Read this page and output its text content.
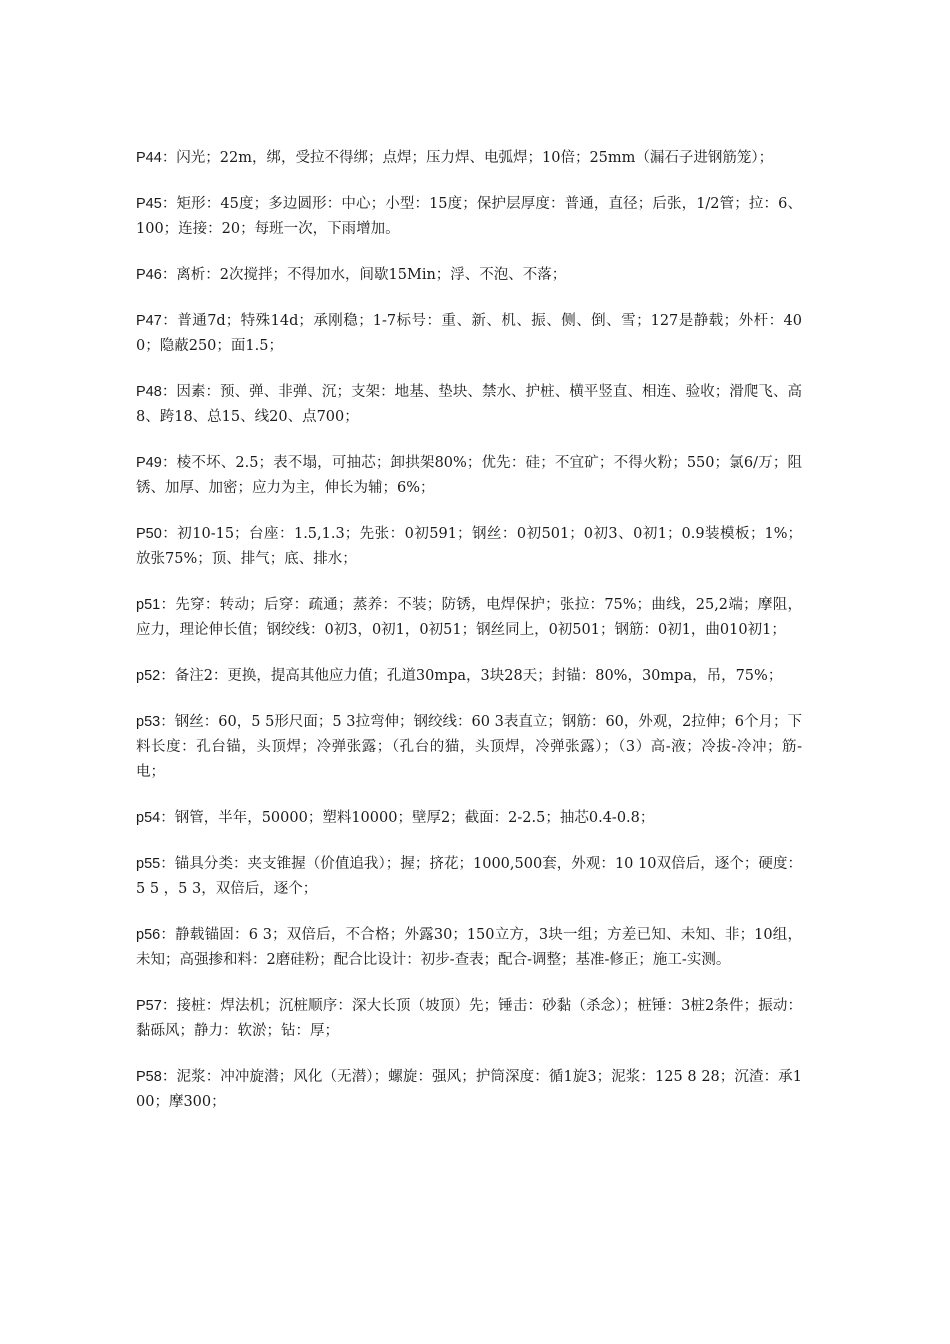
P44：闪光；22m，绑，受拉不得绑；点焊；压力焊、电弧焊；10倍；25mm（漏石子进钢筋笼）；

P45：矩形：45度；多边圆形：中心；小型：15度；保护层厚度：普通，直径；后张，1/2管；拉：6、100；连接：20；每班一次，下雨增加。

P46：离析：2次搅拌；不得加水，间歇15Min；浮、不泡、不落；

P47：普通7d；特殊14d；承刚稳；1-7标号：重、新、机、振、侧、倒、雪；127是静载；外杆：400；隐蔽250；面1.5；

P48：因素：预、弹、非弹、沉；支架：地基、垫块、禁水、护桩、横平竖直、相连、验收；滑爬飞、高8、跨18、总15、线20、点700；

P49：棱不坏、2.5；表不塌，可抽芯；卸拱架80%；优先：硅；不宜矿；不得火粉；550；氯6/万；阻锈、加厚、加密；应力为主，伸长为辅；6%；

P50：初10-15；台座：1.5,1.3；先张：0初591；钢丝：0初501；0初3、0初1；0.9装模板；1%；放张75%；顶、排气；底、排水；

p51：先穿：转动；后穿：疏通；蒸养：不装；防锈，电焊保护；张拉：75%；曲线，25,2端；摩阻，应力，理论伸长值；钢绞线：0初3，0初1，0初51；钢丝同上，0初501；钢筋：0初1，曲010初1；

p52：备注2：更换，提高其他应力值；孔道30mpa，3块28天；封锚：80%，30mpa，吊，75%；

p53：钢丝：60，5 5形尺面；5 3拉弯伸；钢绞线：60 3表直立；钢筋：60，外观，2拉伸；6个月；下料长度：孔台锚，头顶焊；冷弹张露；（孔台的猫，头顶焊，冷弹张露）；（3）高-液；冷拔-冷冲；筋-电；

p54：钢管，半年，50000；塑料10000；壁厚2；截面：2-2.5；抽芯0.4-0.8；

p55：锚具分类：夹支锥握（价值追我）；握；挤花；1000,500套，外观：10 10双倍后，逐个；硬度：5 5 ，5 3，双倍后，逐个；

p56：静载锚固：6 3；双倍后，不合格；外露30；150立方，3块一组；方差已知、未知、非；10组，未知；高强掺和料：2磨硅粉；配合比设计：初步-查表；配合-调整；基准-修正；施工-实测。

P57：接桩：焊法机；沉桩顺序：深大长顶（坡顶）先；锤击：砂黏（杀念）；桩锤：3桩2条件；振动：黏砾风；静力：软淤；钻：厚；

P58：泥浆：冲冲旋潜；风化（无潜）；螺旋：强风；护筒深度：循1旋3；泥浆：125 8 28；沉渣：承100；摩300；
